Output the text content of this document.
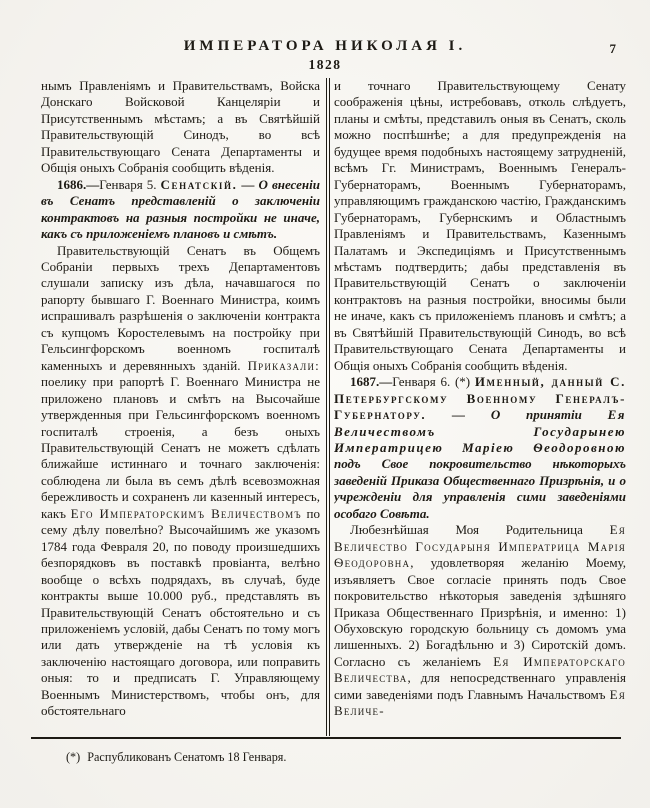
ИМПЕРАТОРА НИКОЛАЯ I.	7
1828

нымъ Правленіямъ и Правительствамъ, Войска Донскаго Войсковой Канцеляріи и Присутственнымъ мѣстамъ; а въ Святѣйшій Правительствующій Синодъ, во всѣ Правительствующаго Сената Департаменты и Общія оныхъ Собранія сообщить вѣденія.

1686.—Генваря 5. Сенатскій. — О внесеніи въ Сенатъ представленій о заключеніи контрактовъ на разныя постройки не иначе, какъ съ приложеніемъ плановъ и смѣтъ.

Правительствующій Сенатъ въ Общемъ Собраніи первыхъ трехъ Департаментовъ слушали записку изъ дѣла, начавшагося по рапорту бывшаго Г. Военнаго Министра, коимъ испрашивалъ разрѣшенія о заключеніи контракта съ купцомъ Коростелевымъ на постройку при Гельсингфорскомъ военномъ госпиталѣ каменныхъ и деревянныхъ зданій. Приказали: поелику при рапортѣ Г. Военнаго Министра не приложено плановъ и смѣтъ на Высочайше утвержденныя при Гельсингфорскомъ военномъ госпиталѣ строенія, а безъ оныхъ Правительствующій Сенатъ не можетъ сдѣлать ближайше истиннаго и точнаго заключенія: соблюдена ли была въ семъ дѣлѣ всевозможная бережливость и сохраненъ ли казенный интересъ, какъ Его Императорскимъ Величествомъ по сему дѣлу повелѣно? Высочайшимъ же указомъ 1784 года Февраля 20, по поводу произшедшихъ безпорядковъ въ поставкѣ провіанта, велѣно вообще о всѣхъ подрядахъ, въ случаѣ, буде контракты выше 10.000 руб., представлять въ Правительствующій Сенатъ обстоятельно и съ приложеніемъ условій, дабы Сенатъ по тому могъ или дать утвержденіе на тѣ условія къ заключенію настоящаго договора, или поправить оныя: то и предписать Г. Управляющему Военнымъ Министерствомъ, чтобы онъ, для обстоятельнаго

и точнаго Правительствующему Сенату соображенія цѣны, истребовавъ, отколь слѣдуетъ, планы и смѣты, представилъ оныя въ Сенатъ, сколь можно поспѣшнѣе; а для предупрежденія на будущее время подобныхъ настоящему затрудненій, всѣмъ Гг. Министрамъ, Военнымъ Генералъ-Губернаторамъ, Военнымъ Губернаторамъ, управляющимъ гражданскою частію, Гражданскимъ Губернаторамъ, Губернскимъ и Областнымъ Правленіямъ и Правительствамъ, Казеннымъ Палатамъ и Экспедиціямъ и Присутственнымъ мѣстамъ подтвердить; дабы представленія въ Правительствующій Сенатъ о заключеніи контрактовъ на разныя постройки, вносимы были не иначе, какъ съ приложеніемъ плановъ и смѣтъ; а въ Святѣйшій Правительствующій Синодъ, во всѣ Правительствующаго Сената Департаменты и Общія оныхъ Собранія сообщить вѣденія.

1687.—Генваря 6. (*) Именный, данный С. Петербургскому Военному Генералъ-Губернатору. — О принятіи Ея Величествомъ Государынею Императрицею Маріею Ѳеодоровною подъ Свое покровительство нѣкоторыхъ заведеній Приказа Общественнаго Призрѣнія, и о учрежденіи для управленія сими заведеніями особаго Совѣта.

Любезнѣйшая Моя Родительница Ея Величество Государыня Императрица Марія Ѳеодоровна, удовлетворяя желанію Моему, изъявляетъ Свое согласіе принять подъ Свое покровительство нѣкоторыя заведенія здѣшняго Приказа Общественнаго Призрѣнія, и именно: 1) Обуховскую городскую больницу съ домомъ ума лишенныхъ. 2) Богадѣльню и 3) Сиротскій домъ. Согласно съ желаніемъ Ея Императорскаго Величества, для непосредственнаго управленія сими заведеніями подъ Главнымъ Начальствомъ Ея Величе-

(*) Распубликованъ Сенатомъ 18 Генваря.
